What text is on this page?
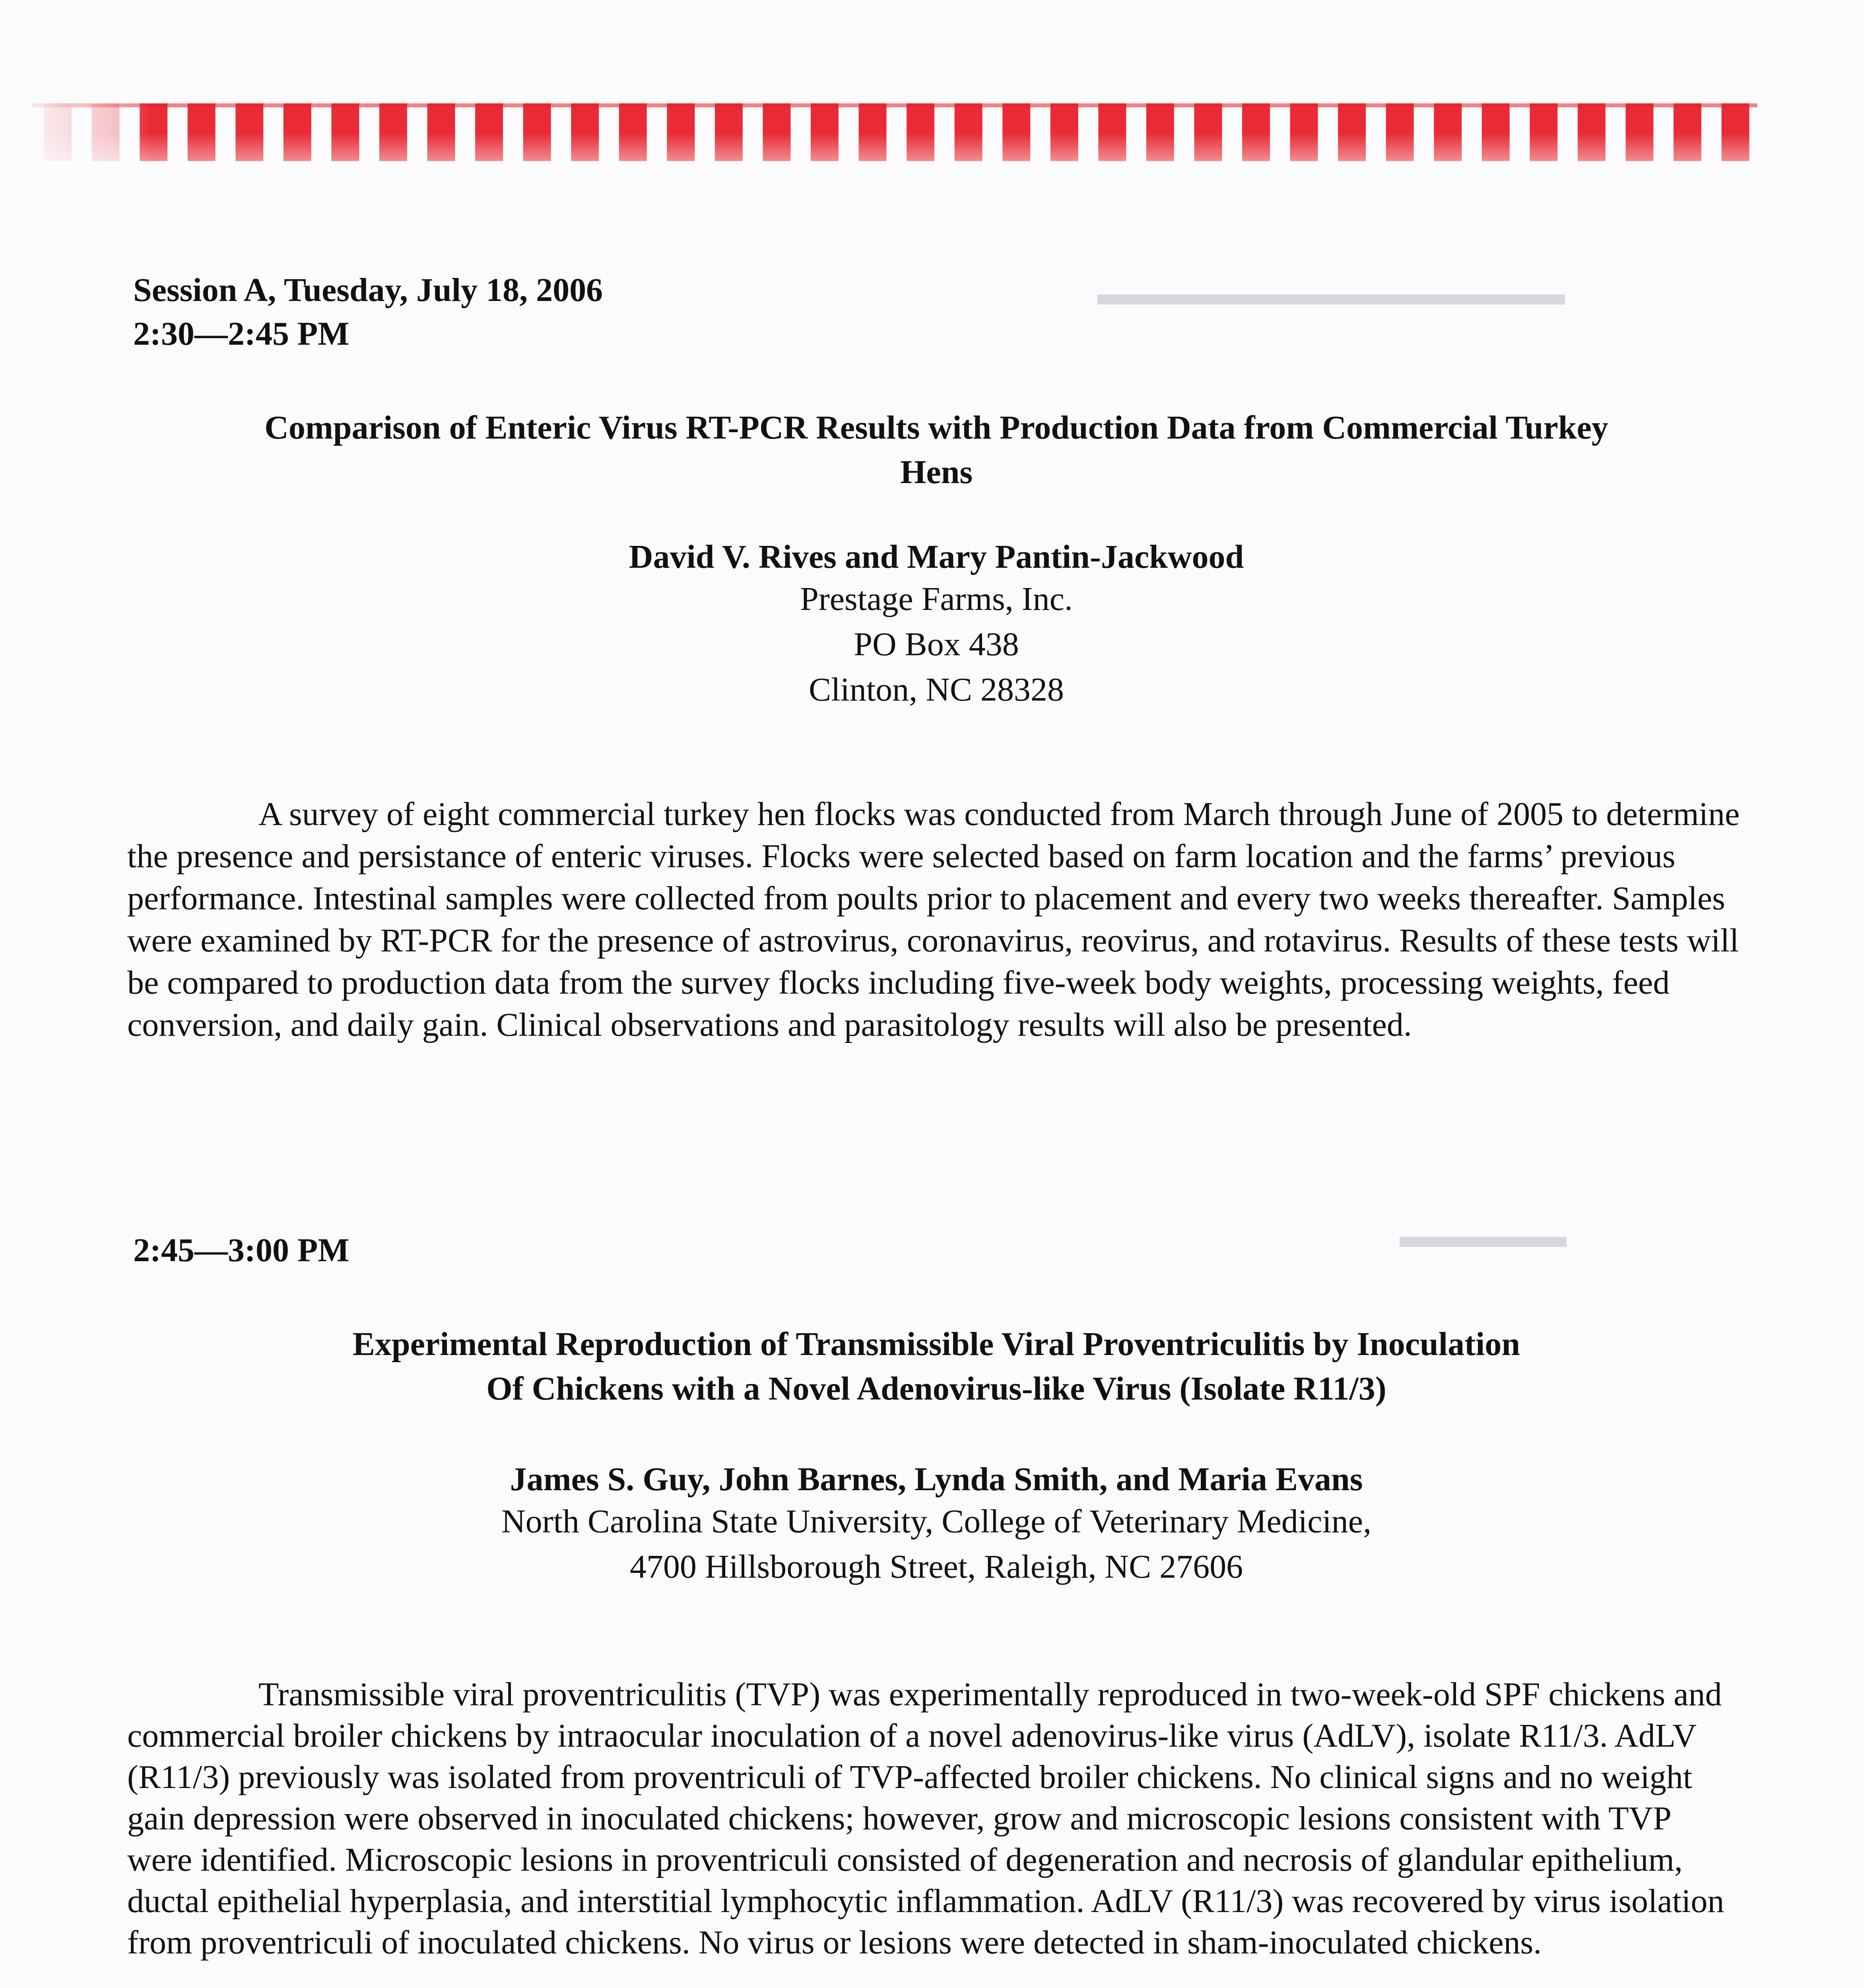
▬▬▬▬▬▬▬▬▬▬▬▬▬▬
▬▬▬▬▬

Session A, Tuesday, July 18, 2006

2:30—2:45 PM

Comparison of Enteric Virus RT-PCR Results with Production Data from Commercial Turkey
Hens
David V. Rives and Mary Pantin-Jackwood
Prestage Farms, Inc.
PO Box 438
Clinton, NC 28328

A survey of eight commercial turkey hen flocks was conducted from March through June of 2005 to determine the presence and persistance of enteric viruses. Flocks were selected based on farm location and the farms’ previous performance. Intestinal samples were collected from poults prior to placement and every two weeks thereafter. Samples were examined by RT-PCR for the presence of astrovirus, coronavirus, reovirus, and rotavirus. Results of these tests will be compared to production data from the survey flocks including five-week body weights, processing weights, feed conversion, and daily gain. Clinical observations and parasitology results will also be presented.

2:45—3:00 PM

Experimental Reproduction of Transmissible Viral Proventriculitis by Inoculation
Of Chickens with a Novel Adenovirus-like Virus (Isolate R11/3)
James S. Guy, John Barnes, Lynda Smith, and Maria Evans
North Carolina State University, College of Veterinary Medicine,
4700 Hillsborough Street, Raleigh, NC 27606

Transmissible viral proventriculitis (TVP) was experimentally reproduced in two-week-old SPF chickens and commercial broiler chickens by intraocular inoculation of a novel adenovirus-like virus (AdLV), isolate R11/3. AdLV (R11/3) previously was isolated from proventriculi of TVP-affected broiler chickens. No clinical signs and no weight gain depression were observed in inoculated chickens; however, grow and microscopic lesions consistent with TVP were identified. Microscopic lesions in proventriculi consisted of degeneration and necrosis of glandular epithelium, ductal epithelial hyperplasia, and interstitial lymphocytic inflammation. AdLV (R11/3) was recovered by virus isolation from proventriculi of inoculated chickens. No virus or lesions were detected in sham-inoculated chickens.
